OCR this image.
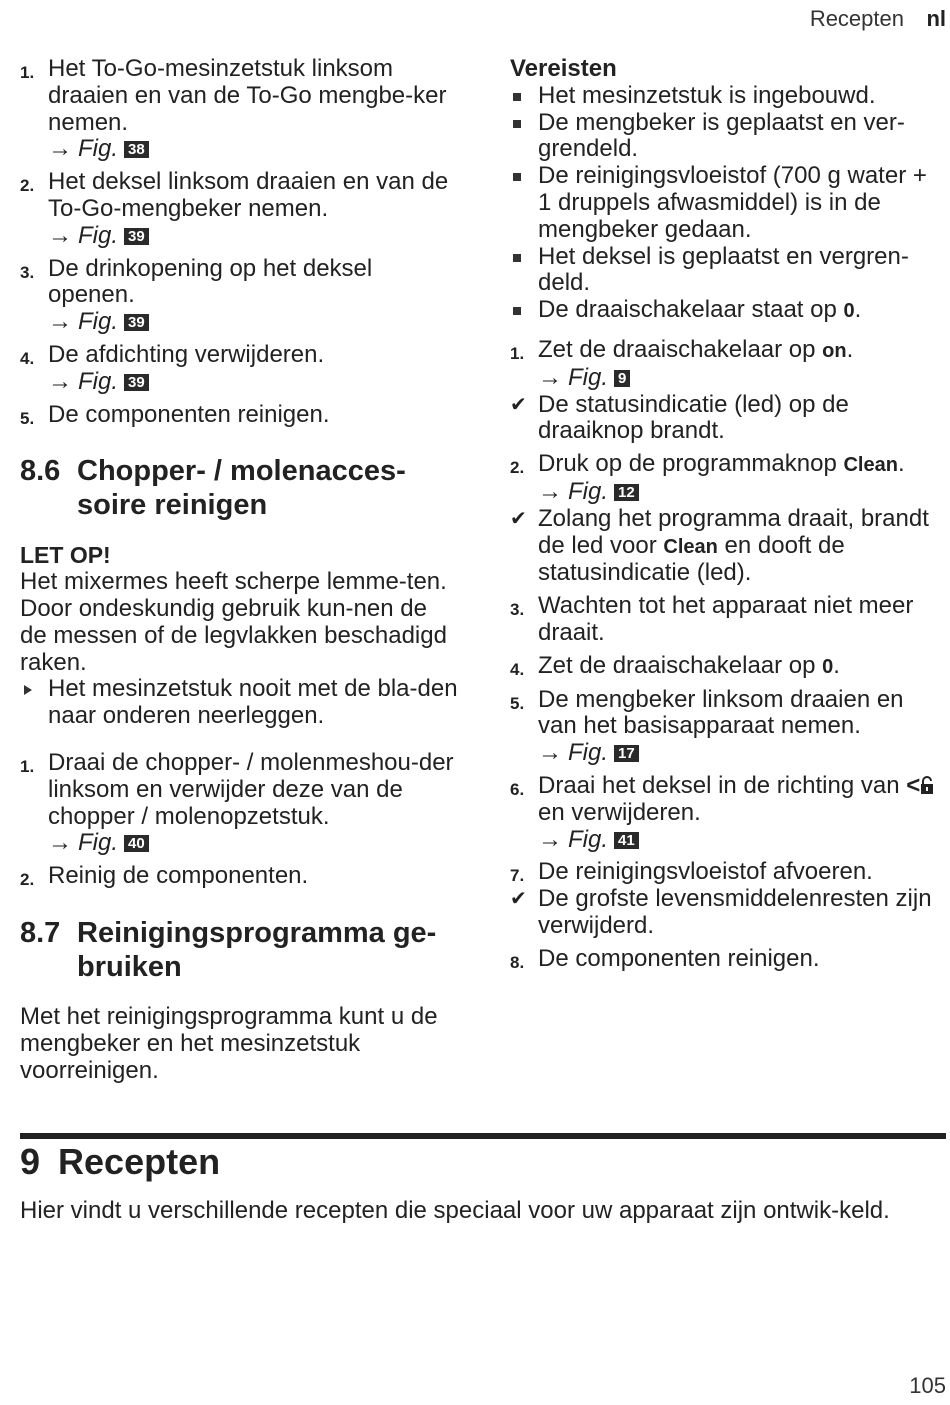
Recepten nl
1. Het To-Go-mesinzetstuk linksom draaien en van de To-Go mengbe-ker nemen.
→ Fig. 38
2. Het deksel linksom draaien en van de To-Go-mengbeker nemen.
→ Fig. 39
3. De drinkopening op het deksel openen.
→ Fig. 39
4. De afdichting verwijderen.
→ Fig. 39
5. De componenten reinigen.
8.6 Chopper- / molenacces-soire reinigen
LET OP!
Het mixermes heeft scherpe lemme-ten. Door ondeskundig gebruik kun-nen de de messen of de legvlakken beschadigd raken.
Het mesinzetstuk nooit met de bla-den naar onderen neerleggen.
1. Draai de chopper- / molenmeshou-der linksom en verwijder deze van de chopper / molenopzetstuk.
→ Fig. 40
2. Reinig de componenten.
8.7 Reinigingsprogramma ge-bruiken
Met het reinigingsprogramma kunt u de mengbeker en het mesinzetstuk voorreinigen.
Vereisten
Het mesinzetstuk is ingebouwd.
De mengbeker is geplaatst en ver-grendeld.
De reinigingsvloeistof (700 g water + 1 druppels afwasmiddel) is in de mengbeker gedaan.
Het deksel is geplaatst en vergren-deld.
De draaischakelaar staat op 0.
1. Zet de draaischakelaar op on.
→ Fig. 9
✔ De statusindicatie (led) op de draaiknop brandt.
2. Druk op de programmaknop Clean.
→ Fig. 12
✔ Zolang het programma draait, brandt de led voor Clean en dooft de statusindicatie (led).
3. Wachten tot het apparaat niet meer draait.
4. Zet de draaischakelaar op 0.
5. De mengbeker linksom draaien en van het basisapparaat nemen.
→ Fig. 17
6. Draai het deksel in de richting van < en verwijderen.
→ Fig. 41
7. De reinigingsvloeistof afvoeren.
✔ De grofste levensmiddelenresten zijn verwijderd.
8. De componenten reinigen.
9 Recepten
Hier vindt u verschillende recepten die speciaal voor uw apparaat zijn ontwik-keld.
105
